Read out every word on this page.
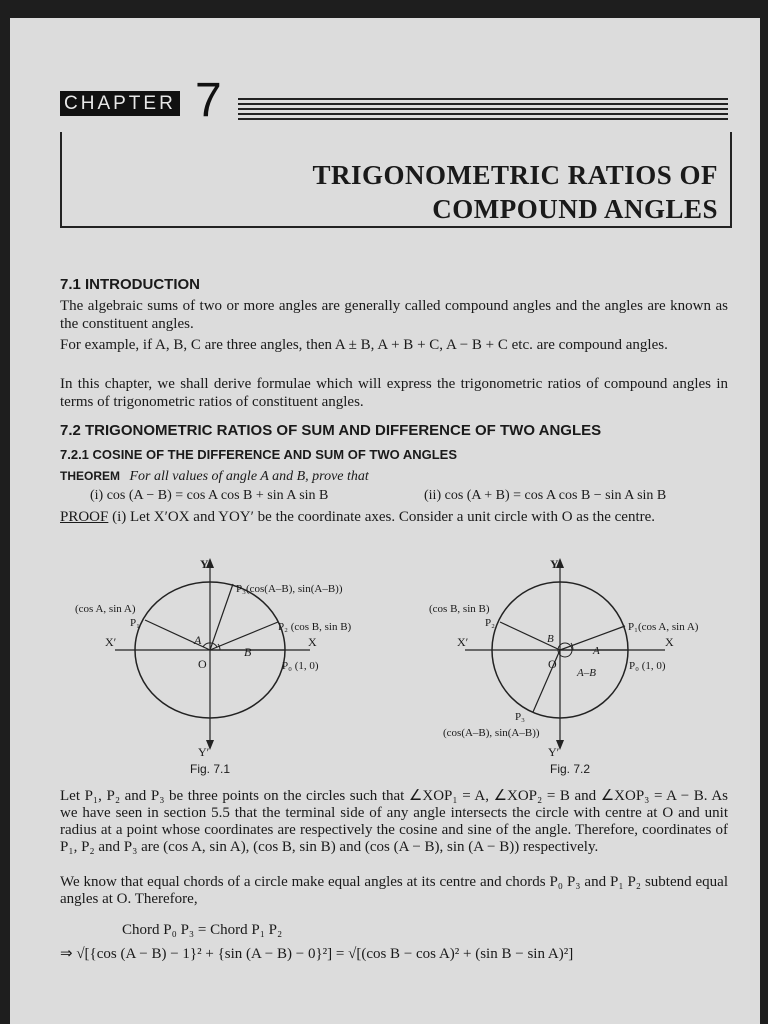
CHAPTER 7
TRIGONOMETRIC RATIOS OF
COMPOUND ANGLES
7.1 INTRODUCTION
The algebraic sums of two or more angles are generally called compound angles and the angles are known as the constituent angles.
For example, if A, B, C are three angles, then A ± B, A + B + C, A − B + C etc. are compound angles.
In this chapter, we shall derive formulae which will express the trigonometric ratios of compound angles in terms of trigonometric ratios of constituent angles.
7.2 TRIGONOMETRIC RATIOS OF SUM AND DIFFERENCE OF TWO ANGLES
7.2.1 COSINE OF THE DIFFERENCE AND SUM OF TWO ANGLES
THEOREM For all values of angle A and B, prove that
(i) cos (A − B) = cos A cos B + sin A sin B	(ii) cos (A + B) = cos A cos B − sin A sin B
PROOF (i) Let X′OX and YOY′ be the coordinate axes. Consider a unit circle with O as the centre.
Y
Y′
X
X′
O
P₃(cos(A–B), sin(A–B))
(cos A, sin A)
P₁	P₂ (cos B, sin B)
P₀ (1, 0)
A
B
Fig. 7.1
Y
Y′
X
X′
O
(cos B, sin B)
P₂	P₁(cos A, sin A)
P₀ (1, 0)
B
A
A–B
P₃
(cos(A–B), sin(A–B))
Fig. 7.2
Let P₁, P₂ and P₃ be three points on the circles such that ∠XOP₁ = A, ∠XOP₂ = B and ∠XOP₃ = A − B. As we have seen in section 5.5 that the terminal side of any angle intersects the circle with centre at O and unit radius at a point whose coordinates are respectively the cosine and sine of the angle. Therefore, coordinates of P₁, P₂ and P₃ are (cos A, sin A), (cos B, sin B) and (cos (A − B), sin (A − B)) respectively.
We know that equal chords of a circle make equal angles at its centre and chords P₀ P₃ and P₁ P₂ subtend equal angles at O. Therefore,
Chord P₀ P₃ = Chord P₁ P₂
⇒ √[{cos (A − B) − 1}² + {sin (A − B) − 0}²] = √[(cos B − cos A)² + (sin B − sin A)²]
